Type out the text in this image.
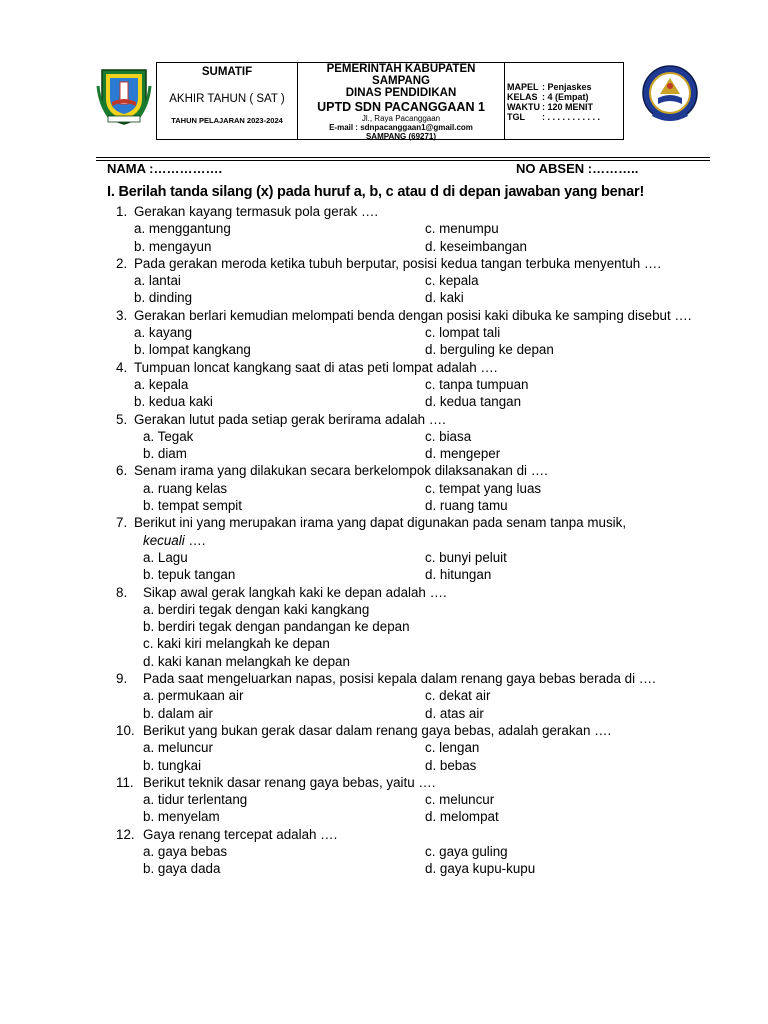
SUMATIF
AKHIR TAHUN ( SAT )
TAHUN PELAJARAN 2023-2024
PEMERINTAH KABUPATEN
SAMPANG
DINAS PENDIDIKAN
UPTD SDN PACANGGAAN 1
Jl., Raya Pacanggaan
E-mail : sdnpacanggaan1@gmail.com
SAMPANG (69271)
MAPEL	: Penjaskes
KELAS	: 4 (Empat)
WAKTU	: 120 MENIT
TGL	: . . . . . . . . . . .
NAMA :…………….	NO ABSEN :………..
I. Berilah tanda silang (x) pada huruf a, b, c atau d di depan jawaban yang benar!
1. Gerakan kayang termasuk pola gerak ….
a. menggantung	c. menumpu
b. mengayun	d. keseimbangan
2. Pada gerakan meroda ketika tubuh berputar, posisi kedua tangan terbuka menyentuh ….
a. lantai	c. kepala
b. dinding	d. kaki
3. Gerakan berlari kemudian melompati benda dengan posisi kaki dibuka ke samping disebut ….
a. kayang	c. lompat tali
b. lompat kangkang	d. berguling ke depan
4. Tumpuan loncat kangkang saat di atas peti lompat adalah ….
a. kepala	c. tanpa tumpuan
b. kedua kaki	d. kedua tangan
5. Gerakan lutut pada setiap gerak berirama adalah ….
a. Tegak	c. biasa
b. diam	d. mengeper
6. Senam irama yang dilakukan secara berkelompok dilaksanakan di ….
a. ruang kelas	c. tempat yang luas
b. tempat sempit	d. ruang tamu
7. Berikut ini yang merupakan irama yang dapat digunakan pada senam tanpa musik,
kecuali ….
a. Lagu	c. bunyi peluit
b. tepuk tangan	d. hitungan
8.	Sikap awal gerak langkah kaki ke depan adalah ….
a. berdiri tegak dengan kaki kangkang
b. berdiri tegak dengan pandangan ke depan
c. kaki kiri melangkah ke depan
d. kaki kanan melangkah ke depan
9.	Pada saat mengeluarkan napas, posisi kepala dalam renang gaya bebas berada di ….
a. permukaan air	c. dekat air
b. dalam air	d. atas air
10. Berikut yang bukan gerak dasar dalam renang gaya bebas, adalah gerakan ….
a. meluncur	c. lengan
b. tungkai	d. bebas
11. Berikut teknik dasar renang gaya bebas, yaitu ….
a. tidur terlentang	c. meluncur
b. menyelam	d. melompat
12. Gaya renang tercepat adalah ….
a. gaya bebas	c. gaya guling
b. gaya dada	d. gaya kupu-kupu
